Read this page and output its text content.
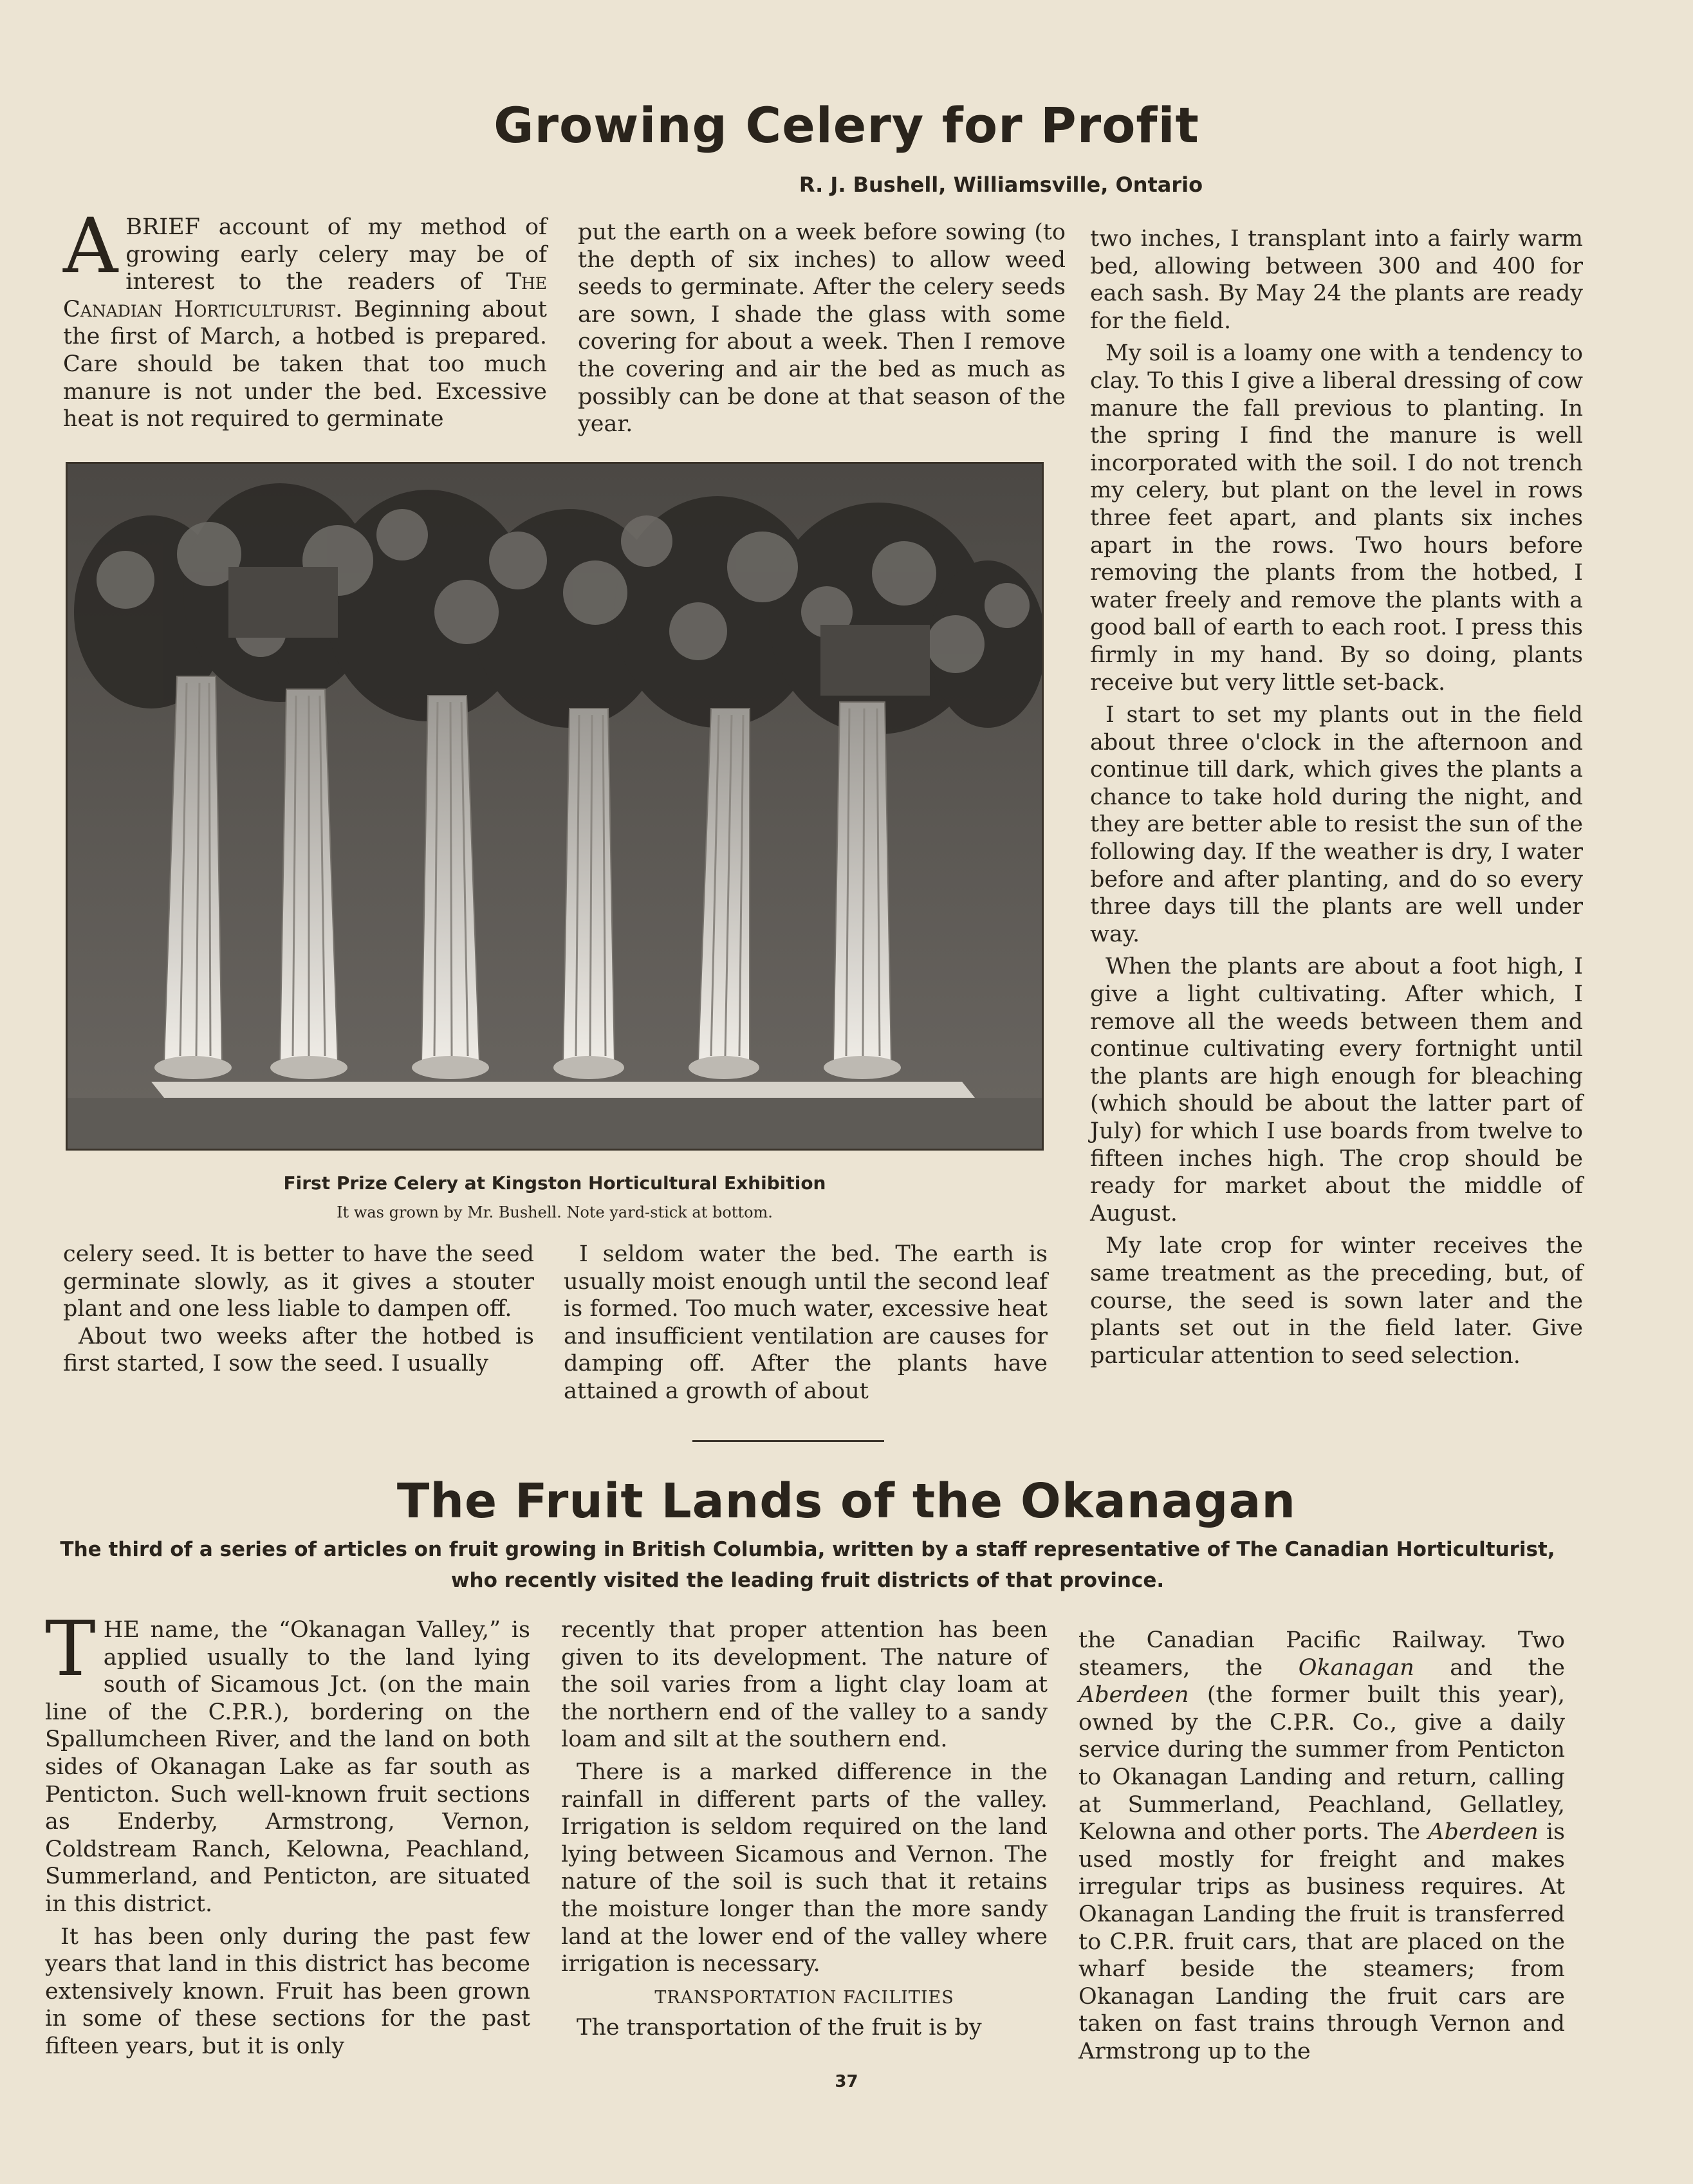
Growing Celery for Profit
R. J. Bushell, Williamsville, Ontario

ABRIEF account of my method of growing early celery may be of interest to the readers of The Canadian Horticulturist. Beginning about the first of March, a hotbed is prepared. Care should be taken that too much manure is not under the bed. Excessive heat is not required to germinate

put the earth on a week before sowing (to the depth of six inches) to allow weed seeds to germinate. After the celery seeds are sown, I shade the glass with some covering for about a week. Then I remove the covering and air the bed as much as possibly can be done at that season of the year.

First Prize Celery at Kingston Horticultural Exhibition
It was grown by Mr. Bushell. Note yard-stick at bottom.

celery seed. It is better to have the seed germinate slowly, as it gives a stouter plant and one less liable to dampen off.

About two weeks after the hotbed is first started, I sow the seed. I usually

I seldom water the bed. The earth is usually moist enough until the second leaf is formed. Too much water, excessive heat and insufficient ventilation are causes for damping off. After the plants have attained a growth of about

two inches, I transplant into a fairly warm bed, allowing between 300 and 400 for each sash. By May 24 the plants are ready for the field.

My soil is a loamy one with a tendency to clay. To this I give a liberal dressing of cow manure the fall previous to planting. In the spring I find the manure is well incorporated with the soil. I do not trench my celery, but plant on the level in rows three feet apart, and plants six inches apart in the rows. Two hours before removing the plants from the hotbed, I water freely and remove the plants with a good ball of earth to each root. I press this firmly in my hand. By so doing, plants receive but very little set-back.

I start to set my plants out in the field about three o'clock in the afternoon and continue till dark, which gives the plants a chance to take hold during the night, and they are better able to resist the sun of the following day. If the weather is dry, I water before and after planting, and do so every three days till the plants are well under way.

When the plants are about a foot high, I give a light cultivating. After which, I remove all the weeds between them and continue cultivating every fortnight until the plants are high enough for bleaching (which should be about the latter part of July) for which I use boards from twelve to fifteen inches high. The crop should be ready for market about the middle of August.

My late crop for winter receives the same treatment as the preceding, but, of course, the seed is sown later and the plants set out in the field later. Give particular attention to seed selection.

The Fruit Lands of the Okanagan
The third of a series of articles on fruit growing in British Columbia, written by a staff representative of The Canadian Horticulturist, who recently visited the leading fruit districts of that province.

THE name, the “Okanagan Valley,” is applied usually to the land lying south of Sicamous Jct. (on the main line of the C.P.R.), bordering on the Spallumcheen River, and the land on both sides of Okanagan Lake as far south as Penticton. Such well-known fruit sections as Enderby, Armstrong, Vernon, Coldstream Ranch, Kelowna, Peachland, Summerland, and Penticton, are situated in this district.

It has been only during the past few years that land in this district has become extensively known. Fruit has been grown in some of these sections for the past fifteen years, but it is only

recently that proper attention has been given to its development. The nature of the soil varies from a light clay loam at the northern end of the valley to a sandy loam and silt at the southern end.

There is a marked difference in the rainfall in different parts of the valley. Irrigation is seldom required on the land lying between Sicamous and Vernon. The nature of the soil is such that it retains the moisture longer than the more sandy land at the lower end of the valley where irrigation is necessary.

TRANSPORTATION FACILITIES

The transportation of the fruit is by

the Canadian Pacific Railway. Two steamers, the Okanagan and the Aberdeen (the former built this year), owned by the C.P.R. Co., give a daily service during the summer from Penticton to Okanagan Landing and return, calling at Summerland, Peachland, Gellatley, Kelowna and other ports. The Aberdeen is used mostly for freight and makes irregular trips as business requires. At Okanagan Landing the fruit is transferred to C.P.R. fruit cars, that are placed on the wharf beside the steamers; from Okanagan Landing the fruit cars are taken on fast trains through Vernon and Armstrong up to the

37
